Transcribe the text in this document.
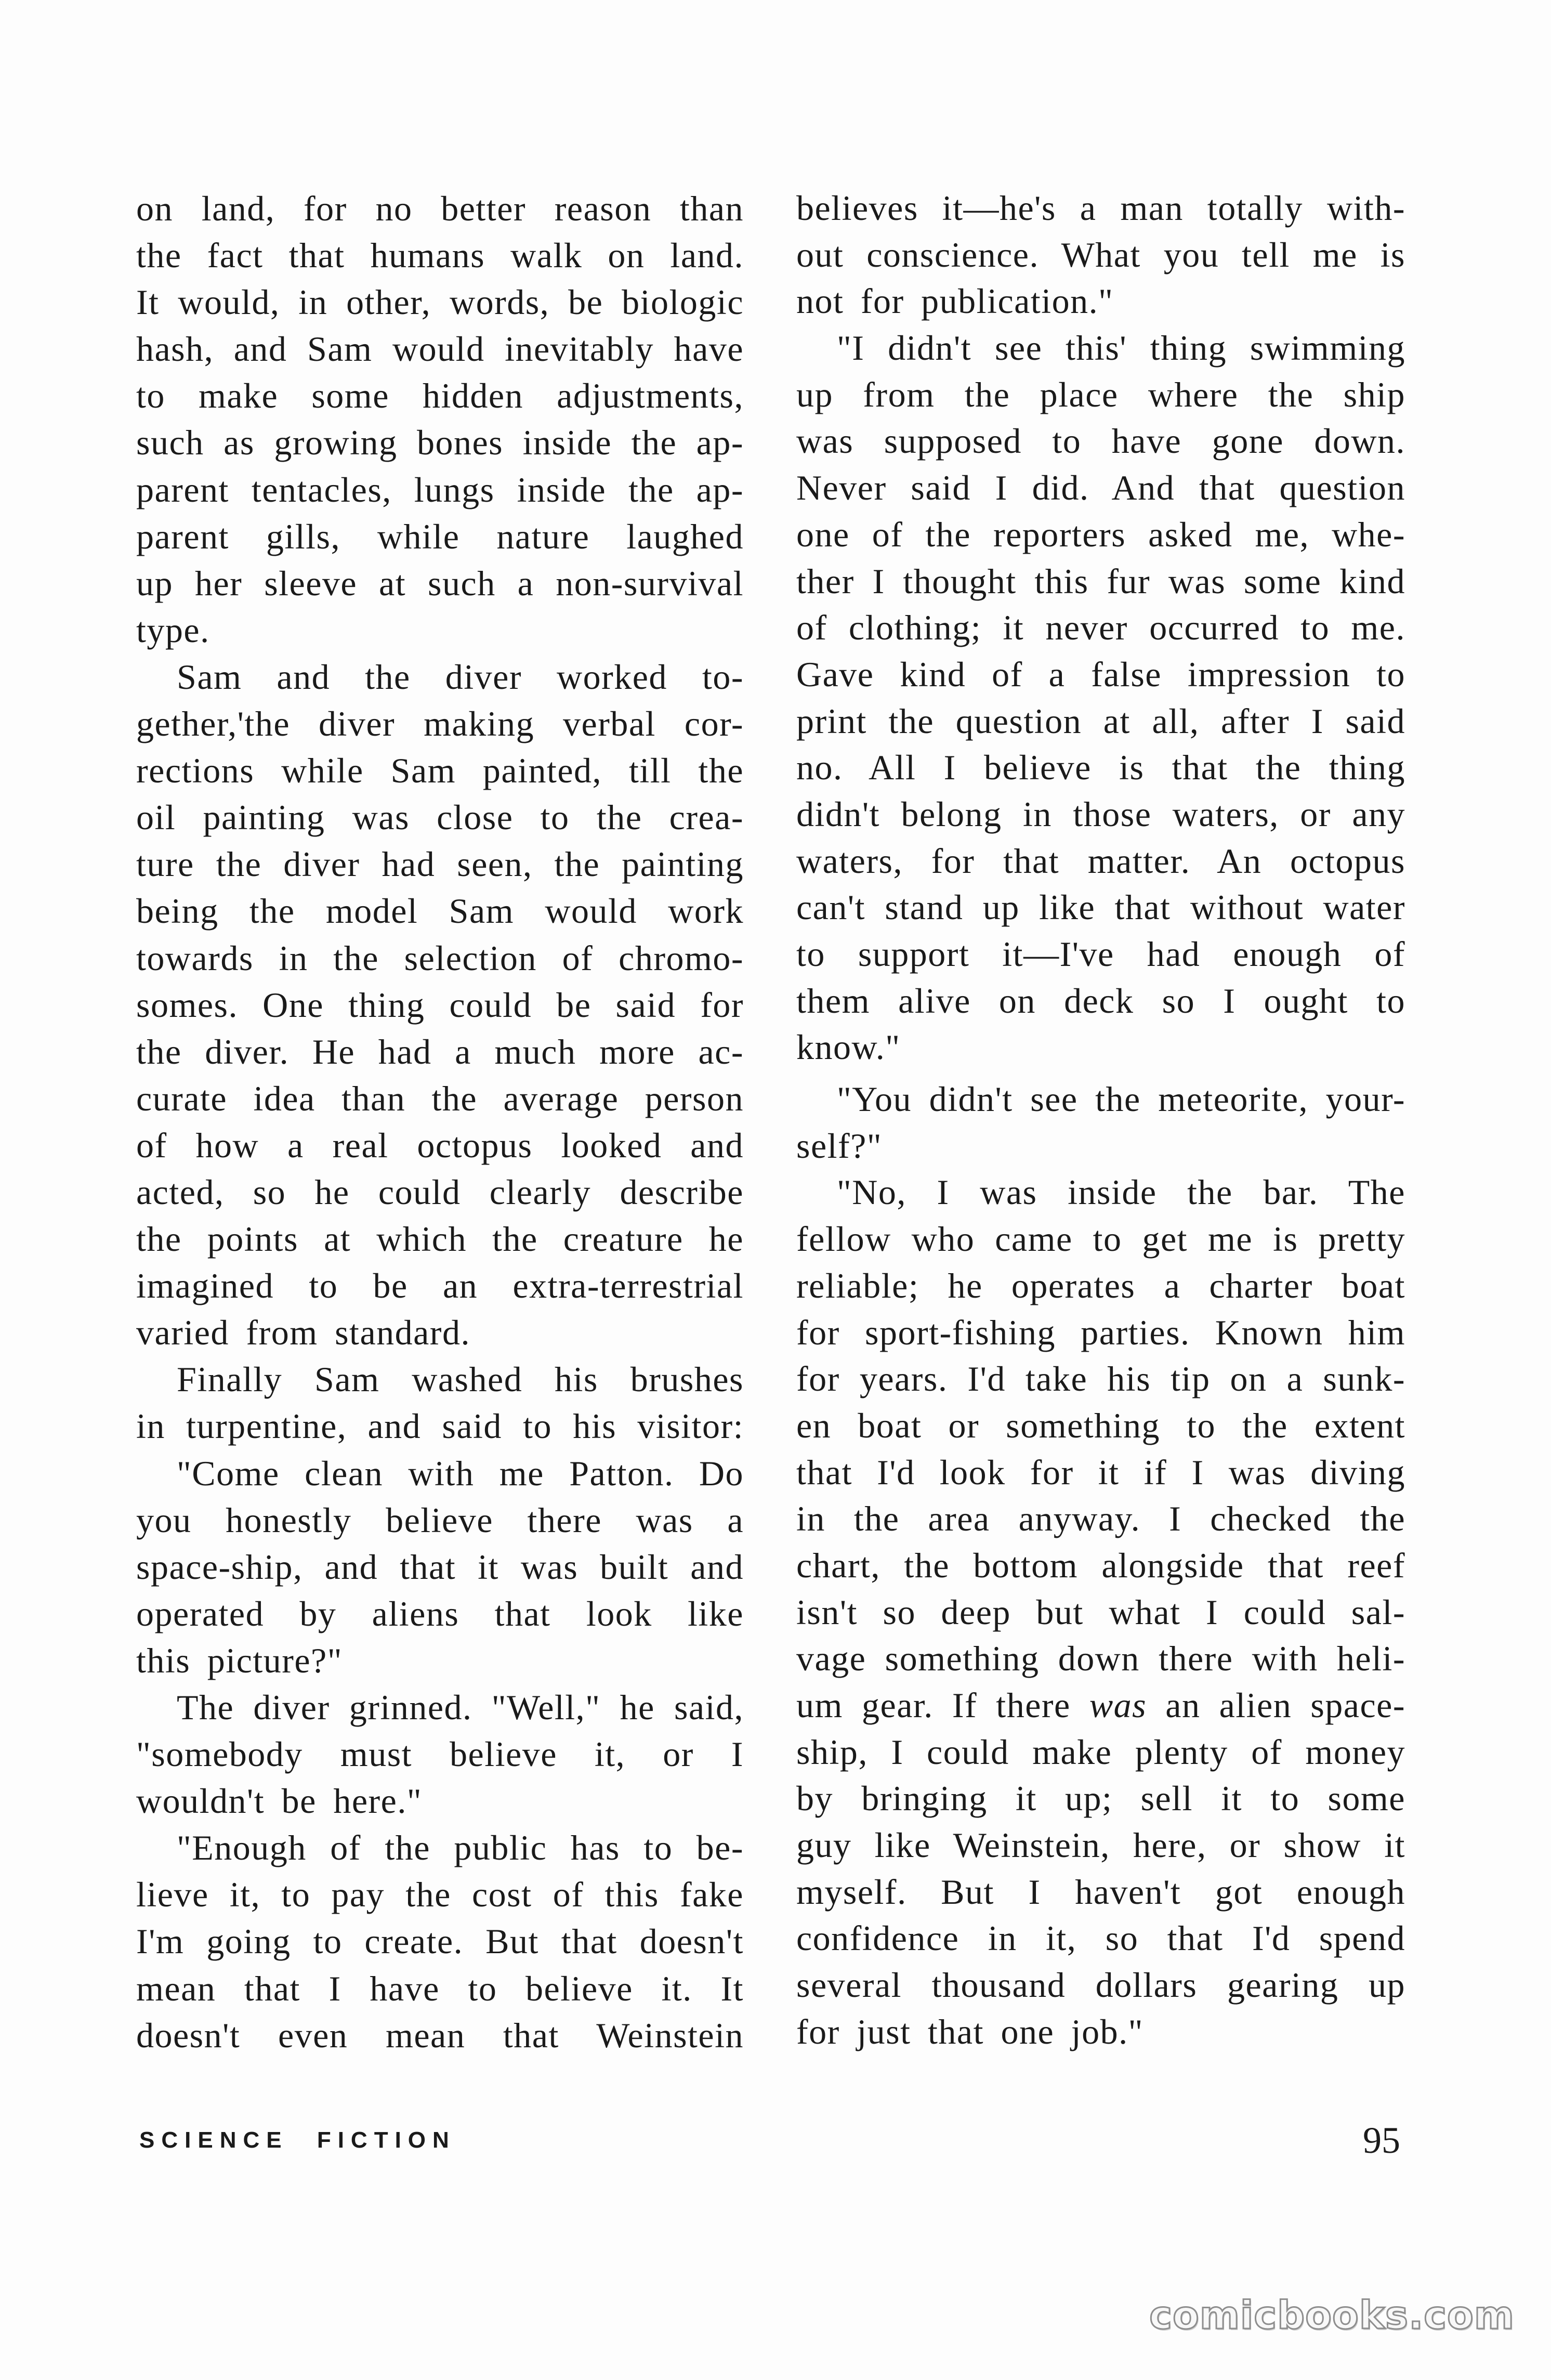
on land, for no better reason than
the fact that humans walk on land.
It would, in other, words, be biologic
hash, and Sam would inevitably have
to make some hidden adjustments,
such as growing bones inside the ap-
parent tentacles, lungs inside the ap-
parent gills, while nature laughed
up her sleeve at such a non-survival
type.
Sam and the diver worked to-
gether,'the diver making verbal cor-
rections while Sam painted, till the
oil painting was close to the crea-
ture the diver had seen, the painting
being the model Sam would work
towards in the selection of chromo-
somes. One thing could be said for
the diver. He had a much more ac-
curate idea than the average person
of how a real octopus looked and
acted, so he could clearly describe
the points at which the creature he
imagined to be an extra-terrestrial
varied from standard.
Finally Sam washed his brushes
in turpentine, and said to his visitor:
"Come clean with me Patton. Do
you honestly believe there was a
space-ship, and that it was built and
operated by aliens that look like
this picture?"
The diver grinned. "Well," he said,
"somebody must believe it, or I
wouldn't be here."
"Enough of the public has to be-
lieve it, to pay the cost of this fake
I'm going to create. But that doesn't
mean that I have to believe it. It
doesn't even mean that Weinstein
believes it—he's a man totally with-
out conscience. What you tell me is
not for publication."
"I didn't see this' thing swimming
up from the place where the ship
was supposed to have gone down.
Never said I did. And that question
one of the reporters asked me, whe-
ther I thought this fur was some kind
of clothing; it never occurred to me.
Gave kind of a false impression to
print the question at all, after I said
no. All I believe is that the thing
didn't belong in those waters, or any
waters, for that matter. An octopus
can't stand up like that without water
to support it—I've had enough of
them alive on deck so I ought to
know."
"You didn't see the meteorite, your-
self?"
"No, I was inside the bar. The
fellow who came to get me is pretty
reliable; he operates a charter boat
for sport-fishing parties. Known him
for years. I'd take his tip on a sunk-
en boat or something to the extent
that I'd look for it if I was diving
in the area anyway. I checked the
chart, the bottom alongside that reef
isn't so deep but what I could sal-
vage something down there with heli-
um gear. If there was an alien space-
ship, I could make plenty of money
by bringing it up; sell it to some
guy like Weinstein, here, or show it
myself. But I haven't got enough
confidence in it, so that I'd spend
several thousand dollars gearing up
for just that one job."
SCIENCE FICTION	95
comicbooks.com
